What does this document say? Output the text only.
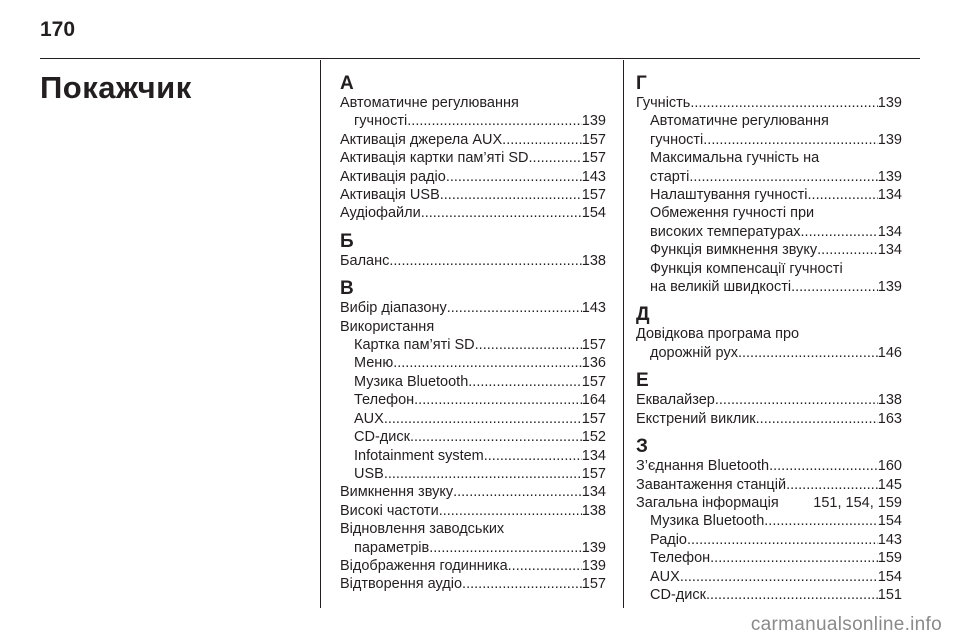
170
Покажчик	А
Автоматичне регулювання
гучності .....	139
Активація джерела AUX .....	157
Активація картки пам’яті SD .....	157
Активація радіо .....	143
Активація USB .....	157
Аудіофайли .....	154
Б
Баланс .....	138
В
Вибір діапазону .....	143
Використання
Картка пам’яті SD .....	157
Меню .....	136
Музика Bluetooth .....	157
Телефон .....	164
AUX .....	157
CD-диск .....	152
Infotainment system .....	134
USB .....	157
Вимкнення звуку .....	134
Високі частоти .....	138
Відновлення заводських
параметрів .....	139
Відображення годинника .....	139
Відтворення аудіо .....	157
Г
Гучність .....	139
Автоматичне регулювання
гучності .....	139
Максимальна гучність на
старті .....	139
Налаштування гучності .....	134
Обмеження гучності при
високих температурах .....	134
Функція вимкнення звуку .....	134
Функція компенсації гучності
на великій швидкості .....	139
Д
Довідкова програма про
дорожній рух .....	146
Е
Еквалайзер .....	138
Екстрений виклик .....	163
З
З’єднання Bluetooth .....	160
Завантаження станцій .....	145
Загальна інформація 151, 154, 159
Музика Bluetooth .....	154
Радіо .....	143
Телефон .....	159
AUX .....	154
CD-диск .....	151
carmanualsonline.info
